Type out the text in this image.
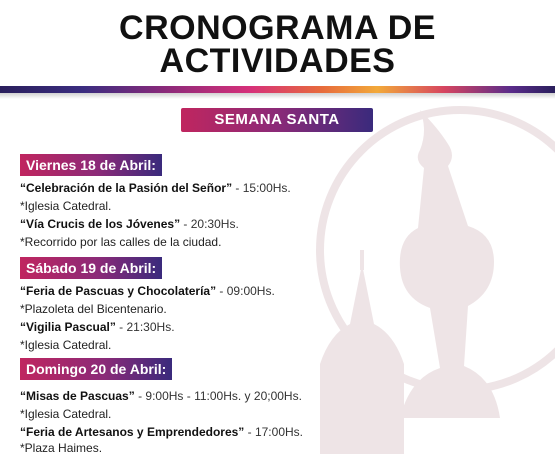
CRONOGRAMA DE
ACTIVIDADES
SEMANA SANTA
Viernes 18 de Abril:
“Celebración de la Pasión del Señor” - 15:00Hs.
*Iglesia Catedral.
“Vía Crucis de los Jóvenes” - 20:30Hs.
*Recorrido por las calles de la ciudad.
Sábado 19 de Abril:
“Feria de Pascuas y Chocolatería” - 09:00Hs.
*Plazoleta del Bicentenario.
“Vigilia Pascual” - 21:30Hs.
*Iglesia Catedral.
Domingo 20 de Abril:
“Misas de Pascuas” - 9:00Hs - 11:00Hs. y 20;00Hs.
*Iglesia Catedral.
“Feria de Artesanos y Emprendedores” - 17:00Hs.
*Plaza Haimes.
